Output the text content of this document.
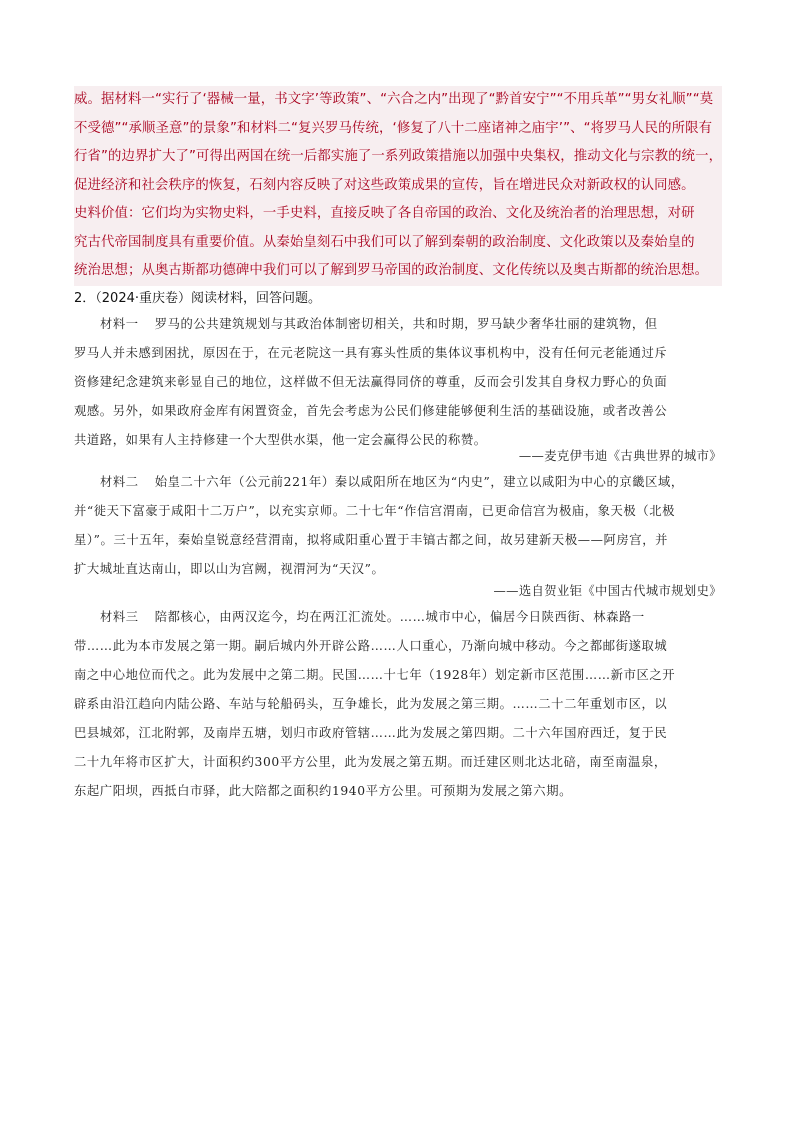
威。据材料一“实行了‘器械一量，书文字’等政策”、“六合之内”出现了“黔首安宁”“不用兵革”“男女礼顺”“莫
不受德”“承顺圣意”的景象”和材料二“复兴罗马传统，‘修复了八十二座诸神之庙宇’”、“将罗马人民的所限有
行省”的边界扩大了”可得出两国在统一后都实施了一系列政策措施以加强中央集权，推动文化与宗教的统一，
促进经济和社会秩序的恢复，石刻内容反映了对这些政策成果的宣传，旨在增进民众对新政权的认同感。
史料价值：它们均为实物史料，一手史料，直接反映了各自帝国的政治、文化及统治者的治理思想，对研
究古代帝国制度具有重要价值。从秦始皇刻石中我们可以了解到秦朝的政治制度、文化政策以及秦始皇的
统治思想；从奥古斯都功德碑中我们可以了解到罗马帝国的政治制度、文化传统以及奥古斯都的统治思想。
2．（2024·重庆卷）阅读材料，回答问题。
材料一 罗马的公共建筑规划与其政治体制密切相关，共和时期，罗马缺少奢华壮丽的建筑物，但
罗马人并未感到困扰，原因在于，在元老院这一具有寡头性质的集体议事机构中，没有任何元老能通过斥
资修建纪念建筑来彰显自己的地位，这样做不但无法赢得同侪的尊重，反而会引发其自身权力野心的负面
观感。另外，如果政府金库有闲置资金，首先会考虑为公民们修建能够便利生活的基础设施，或者改善公
共道路，如果有人主持修建一个大型供水渠，他一定会赢得公民的称赞。
——麦克伊韦迪《古典世界的城市》
材料二 始皇二十六年（公元前221年）秦以咸阳所在地区为“内史”，建立以咸阳为中心的京畿区域，
并“徙天下富豪于咸阳十二万户”，以充实京师。二十七年“作信宫渭南，已更命信宫为极庙，象天极（北极
星）”。三十五年，秦始皇锐意经营渭南，拟将咸阳重心置于丰镐古都之间，故另建新天极——阿房宫，并
扩大城址直达南山，即以山为宫阙，视渭河为“天汉”。
——选自贺业钜《中国古代城市规划史》
材料三 陪都核心，由两汉迄今，均在两江汇流处。……城市中心，偏居今日陕西街、林森路一
带……此为本市发展之第一期。嗣后城内外开辟公路……人口重心，乃渐向城中移动。今之都邮街遂取城
南之中心地位而代之。此为发展中之第二期。民国……十七年（1928年）划定新市区范围……新市区之开
辟系由沿江趋向内陆公路、车站与轮船码头，互争雄长，此为发展之第三期。……二十二年重划市区，以
巴县城郊，江北附郭，及南岸五塘，划归市政府管辖……此为发展之第四期。二十六年国府西迁，复于民
二十九年将市区扩大，计面积约300平方公里，此为发展之第五期。而迁建区则北达北碚，南至南温泉，
东起广阳坝，西抵白市驿，此大陪都之面积约1940平方公里。可预期为发展之第六期。
